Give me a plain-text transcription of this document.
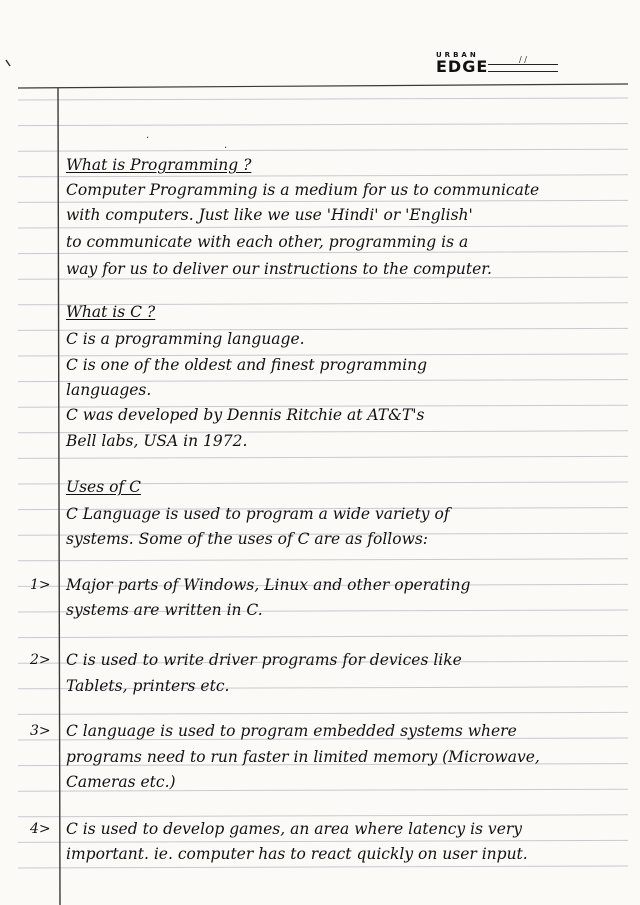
URBAN
EDGE	/ /
·
·
What is Programming ?
Computer Programming is a medium for us to communicate
with computers. Just like we use 'Hindi' or 'English'
to communicate with each other, programming is a
way for us to deliver our instructions to the computer.
What is C ?
C is a programming language.
C is one of the oldest and finest programming
languages.
C was developed by Dennis Ritchie at AT&T's
Bell labs, USA in 1972.
Uses of C
C Language is used to program a wide variety of
systems. Some of the uses of C are as follows:
1> Major parts of Windows, Linux and other operating
systems are written in C.
2> C is used to write driver programs for devices like
Tablets, printers etc.
3> C language is used to program embedded systems where
programs need to run faster in limited memory (Microwave,
Cameras etc.)
4> C is used to develop games, an area where latency is very
important. ie. computer has to react quickly on user input.
